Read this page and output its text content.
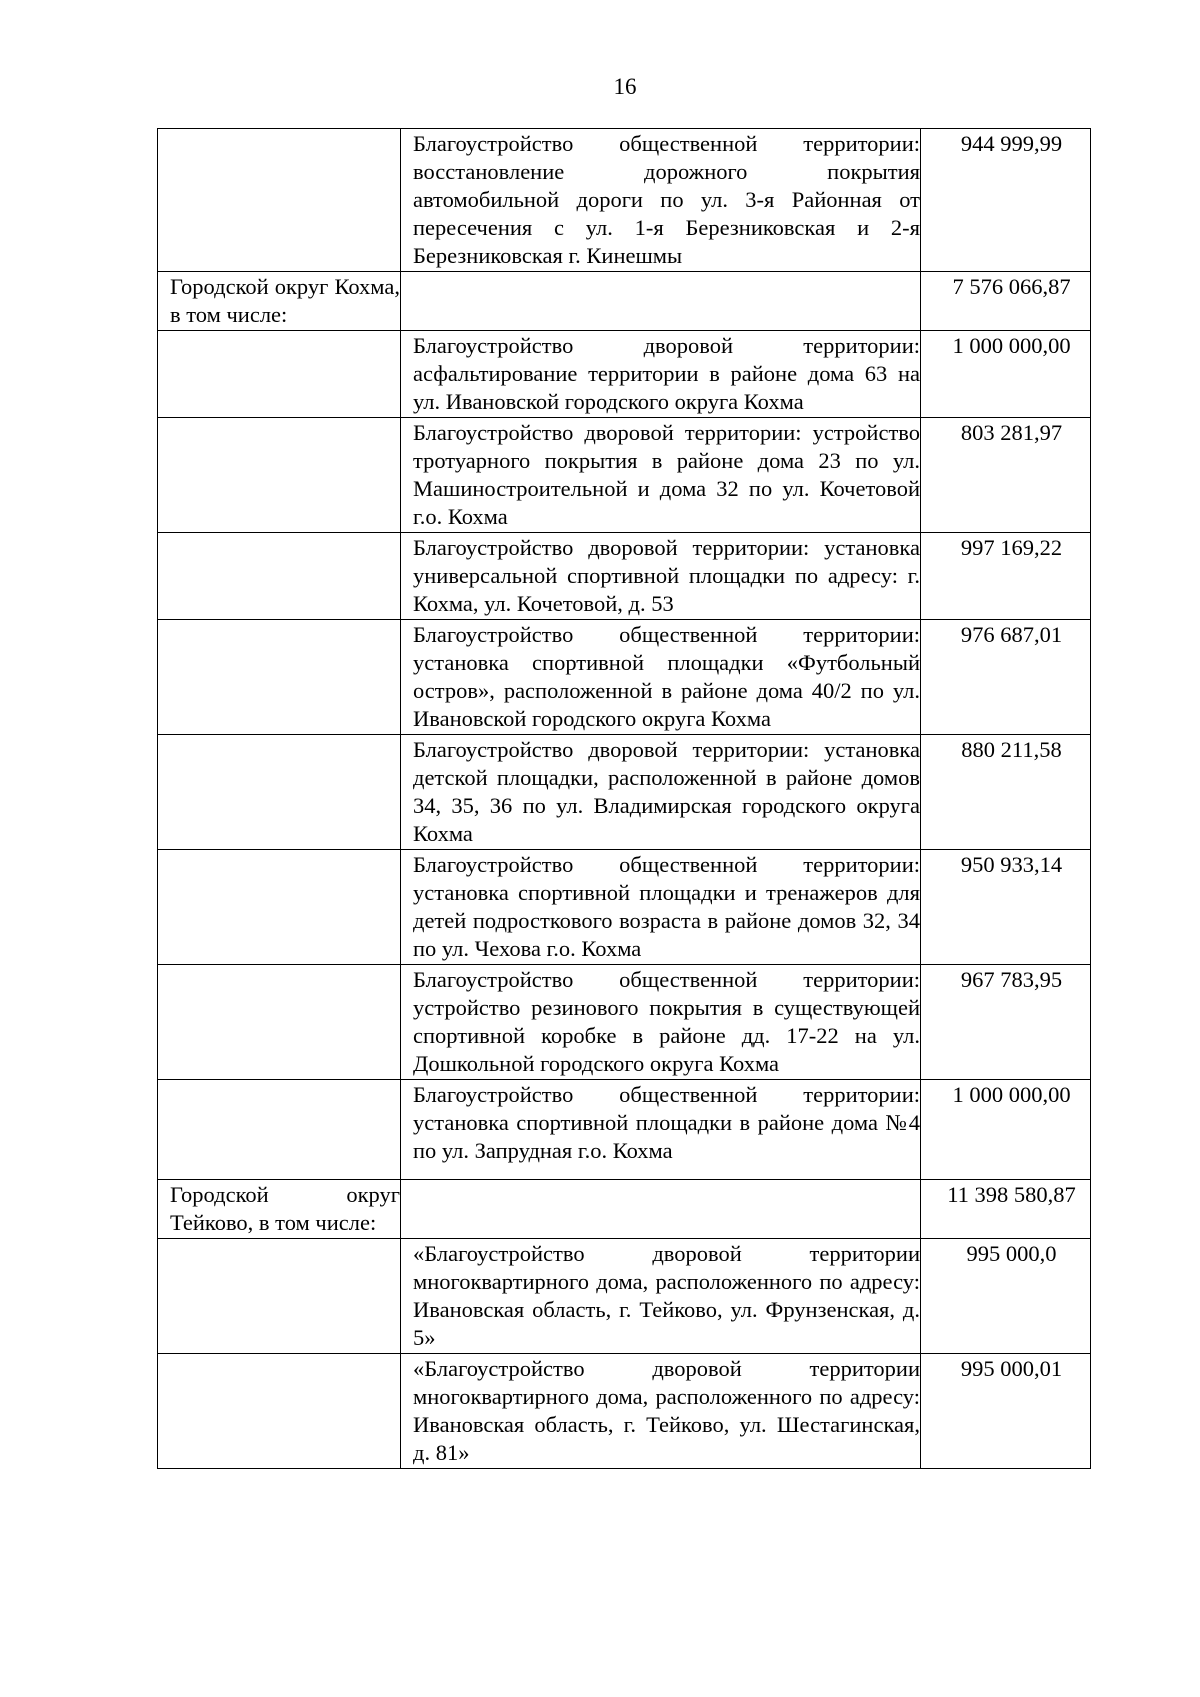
16
	Благоустройство общественной территории: восстановление дорожного покрытия автомобильной дороги по ул. 3-я Районная от пересечения с ул. 1-я Березниковская и 2-я Березниковская г. Кинешмы	944 999,99
Городской округ Кохма, в том числе:		7 576 066,87
	Благоустройство дворовой территории: асфальтирование территории в районе дома 63 на ул. Ивановской городского округа Кохма	1 000 000,00
	Благоустройство дворовой территории: устройство тротуарного покрытия в районе дома 23 по ул. Машиностроительной и дома 32 по ул. Кочетовой г.о. Кохма	803 281,97
	Благоустройство дворовой территории: установка универсальной спортивной площадки по адресу: г. Кохма, ул. Кочетовой, д. 53	997 169,22
	Благоустройство общественной территории: установка спортивной площадки «Футбольный остров», расположенной в районе дома 40/2 по ул. Ивановской городского округа Кохма	976 687,01
	Благоустройство дворовой территории: установка детской площадки, расположенной в районе домов 34, 35, 36 по ул. Владимирская городского округа Кохма	880 211,58
	Благоустройство общественной территории: установка спортивной площадки и тренажеров для детей подросткового возраста в районе домов 32, 34 по ул. Чехова г.о. Кохма	950 933,14
	Благоустройство общественной территории: устройство резинового покрытия в существующей спортивной коробке в районе дд. 17-22 на ул. Дошкольной городского округа Кохма	967 783,95
	Благоустройство общественной территории: установка спортивной площадки в районе дома №4 по ул. Запрудная г.о. Кохма	1 000 000,00
Городской округ Тейково, в том числе:		11 398 580,87
	«Благоустройство дворовой территории многоквартирного дома, расположенного по адресу: Ивановская область, г. Тейково, ул. Фрунзенская, д. 5»	995 000,0
	«Благоустройство дворовой территории многоквартирного дома, расположенного по адресу: Ивановская область, г. Тейково, ул. Шестагинская, д. 81»	995 000,01
